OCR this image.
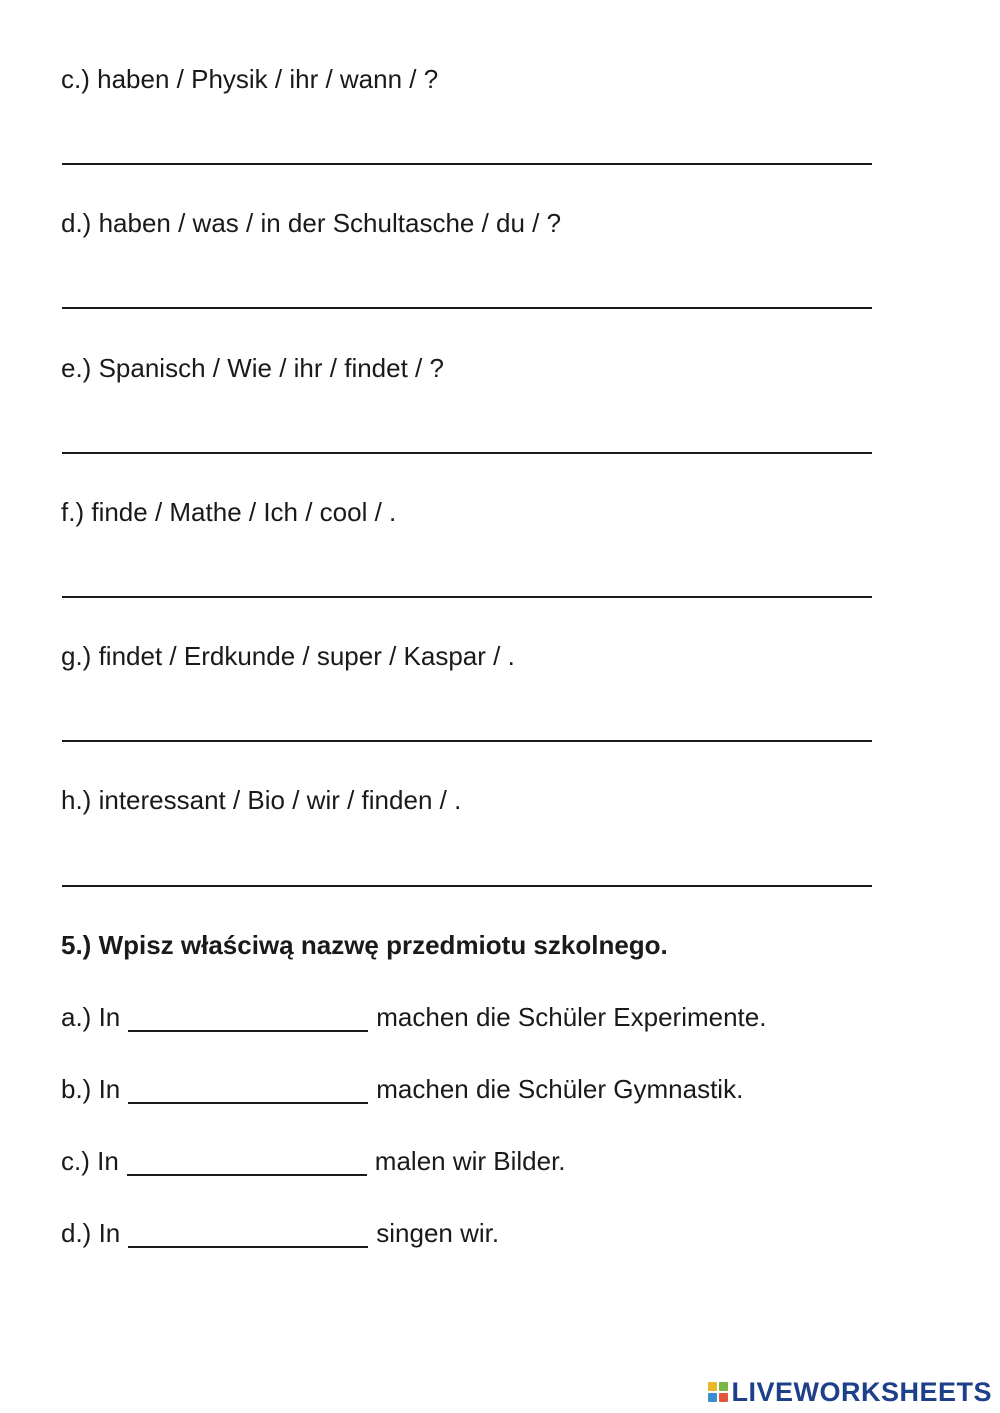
c.) haben / Physik / ihr / wann / ?

d.) haben / was / in der Schultasche / du / ?

e.) Spanisch / Wie / ihr / findet / ?

f.) finde / Mathe / Ich / cool / .

g.) findet / Erdkunde / super / Kaspar / .

h.) interessant / Bio / wir / finden / .

5.) Wpisz właściwą nazwę przedmiotu szkolnego.

a.) In	machen die Schüler Experimente.

b.) In	machen die Schüler Gymnastik.

c.) In	malen wir Bilder.

d.) In	singen wir.

LIVEWORKSHEETS
